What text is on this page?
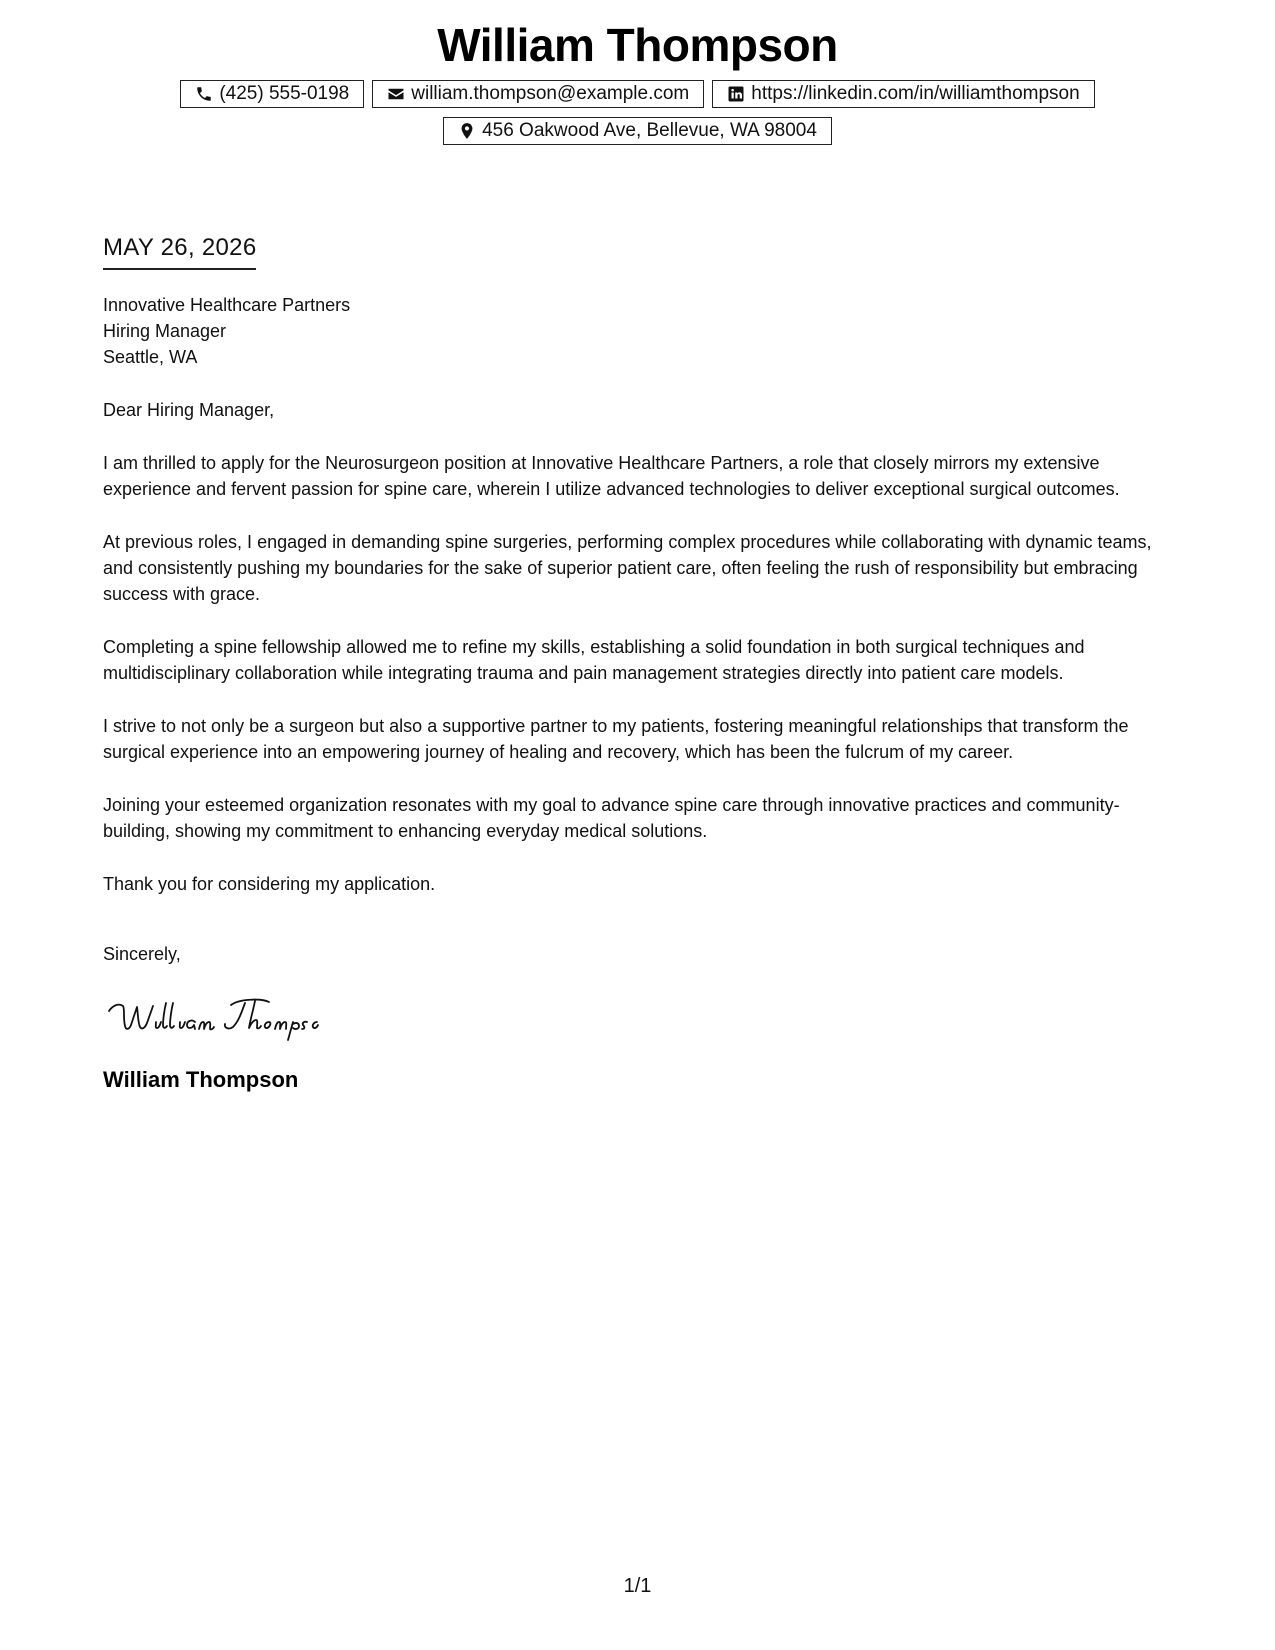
William Thompson
(425) 555-0198	william.thompson@example.com	https://linkedin.com/in/williamthompson
456 Oakwood Ave, Bellevue, WA 98004
MAY 26, 2026
Innovative Healthcare Partners
Hiring Manager
Seattle, WA
Dear Hiring Manager,
I am thrilled to apply for the Neurosurgeon position at Innovative Healthcare Partners, a role that closely mirrors my extensive experience and fervent passion for spine care, wherein I utilize advanced technologies to deliver exceptional surgical outcomes.
At previous roles, I engaged in demanding spine surgeries, performing complex procedures while collaborating with dynamic teams, and consistently pushing my boundaries for the sake of superior patient care, often feeling the rush of responsibility but embracing success with grace.
Completing a spine fellowship allowed me to refine my skills, establishing a solid foundation in both surgical techniques and multidisciplinary collaboration while integrating trauma and pain management strategies directly into patient care models.
I strive to not only be a surgeon but also a supportive partner to my patients, fostering meaningful relationships that transform the surgical experience into an empowering journey of healing and recovery, which has been the fulcrum of my career.
Joining your esteemed organization resonates with my goal to advance spine care through innovative practices and community-building, showing my commitment to enhancing everyday medical solutions.
Thank you for considering my application.
Sincerely,
William Thompson
1/1
